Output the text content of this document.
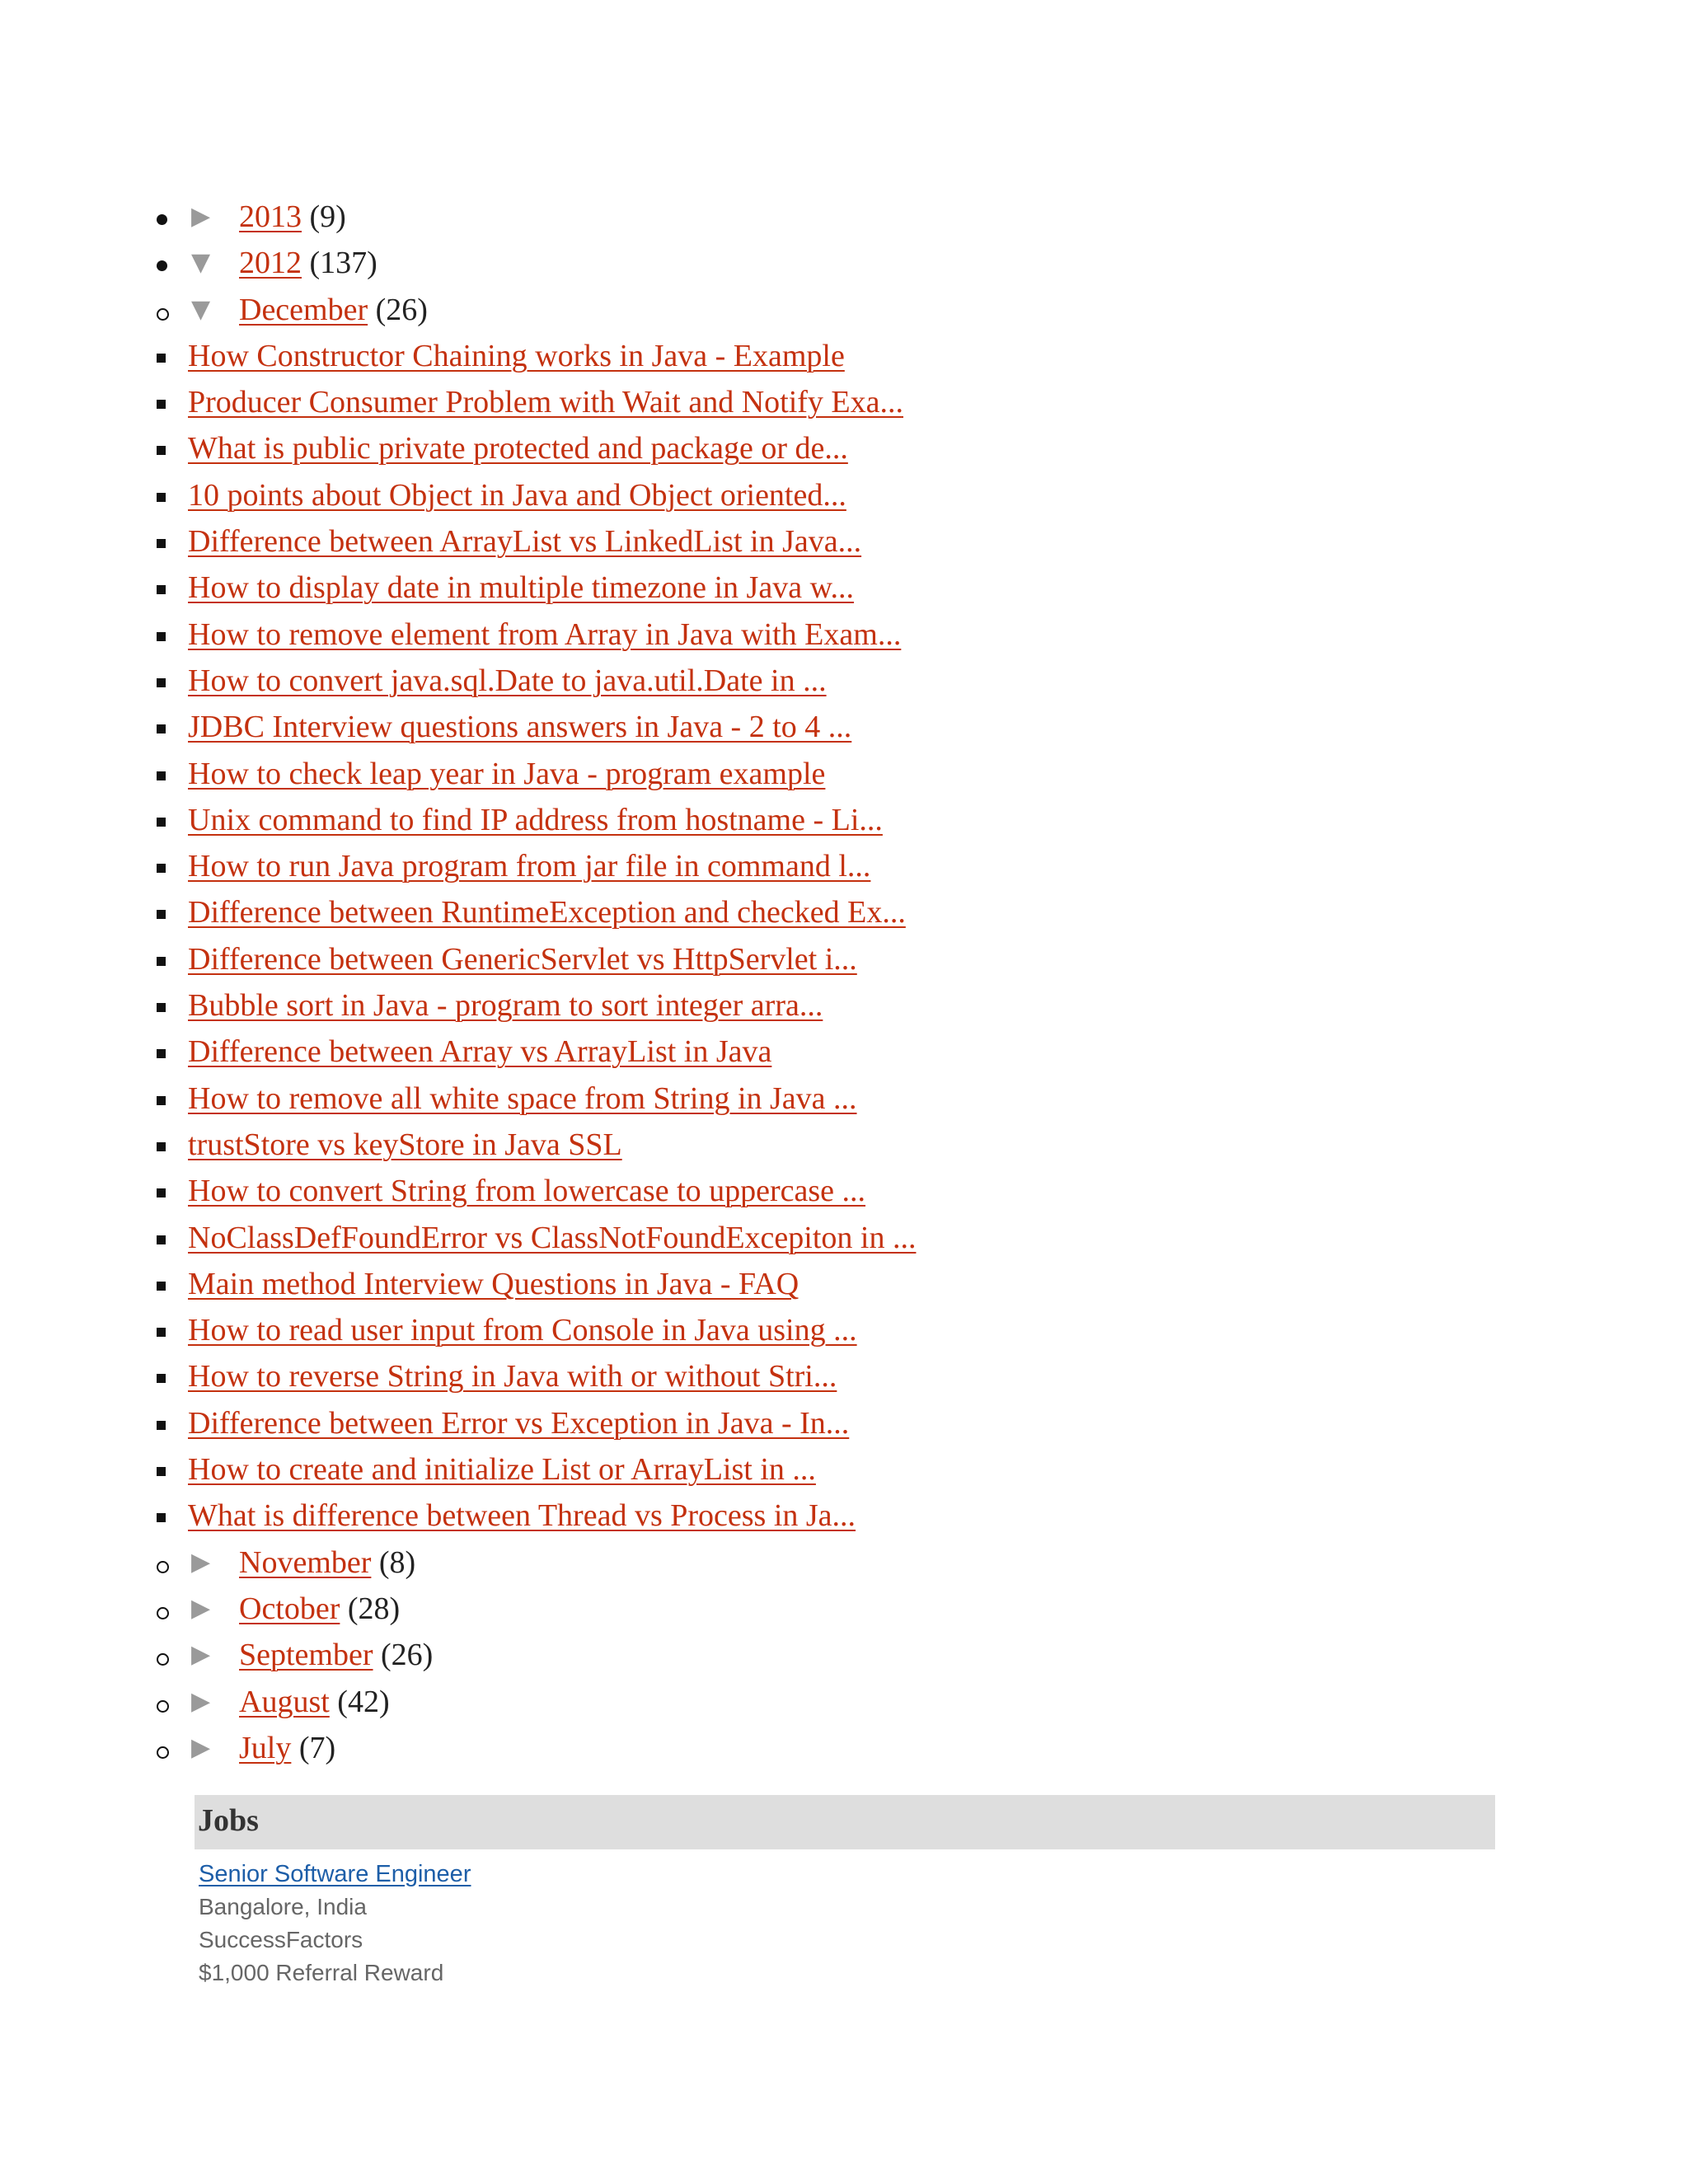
▶ 2013 (9)
▼ 2012 (137)
▼ December (26)
How Constructor Chaining works in Java - Example
Producer Consumer Problem with Wait and Notify Exa...
What is public private protected and package or de...
10 points about Object in Java and Object oriented...
Difference between ArrayList vs LinkedList in Java...
How to display date in multiple timezone in Java w...
How to remove element from Array in Java with Exam...
How to convert java.sql.Date to java.util.Date in ...
JDBC Interview questions answers in Java - 2 to 4 ...
How to check leap year in Java - program example
Unix command to find IP address from hostname - Li...
How to run Java program from jar file in command l...
Difference between RuntimeException and checked Ex...
Difference between GenericServlet vs HttpServlet i...
Bubble sort in Java - program to sort integer arra...
Difference between Array vs ArrayList in Java
How to remove all white space from String in Java ...
trustStore vs keyStore in Java SSL
How to convert String from lowercase to uppercase ...
NoClassDefFoundError vs ClassNotFoundExcepiton in ...
Main method Interview Questions in Java - FAQ
How to read user input from Console in Java using ...
How to reverse String in Java with or without Stri...
Difference between Error vs Exception in Java - In...
How to create and initialize List or ArrayList in ...
What is difference between Thread vs Process in Ja...
▶ November (8)
▶ October (28)
▶ September (26)
▶ August (42)
▶ July (7)
Jobs
Senior Software Engineer
Bangalore, India
SuccessFactors
$1,000 Referral Reward
